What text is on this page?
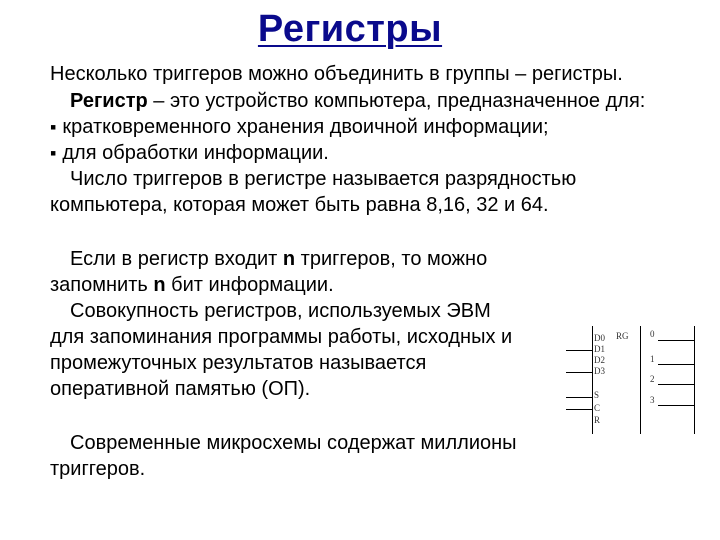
Регистры
Несколько триггеров можно объединить в группы – регистры.
Регистр – это устройство компьютера, предназначенное для:
▪ кратковременного хранения двоичной информации;
▪ для обработки информации.
Число триггеров в регистре называется разрядностью
компьютера, которая может быть равна 8,16, 32 и 64.
Если в регистр входит n триггеров, то можно
запомнить n бит информации.
Совокупность регистров, используемых ЭВМ
для запоминания программы работы, исходных и
промежуточных результатов называется
оперативной памятью (ОП).
Современные микросхемы содержат миллионы
триггеров.
RG
D0
D1
D2
D3
S
C
R
0
1
2
3
